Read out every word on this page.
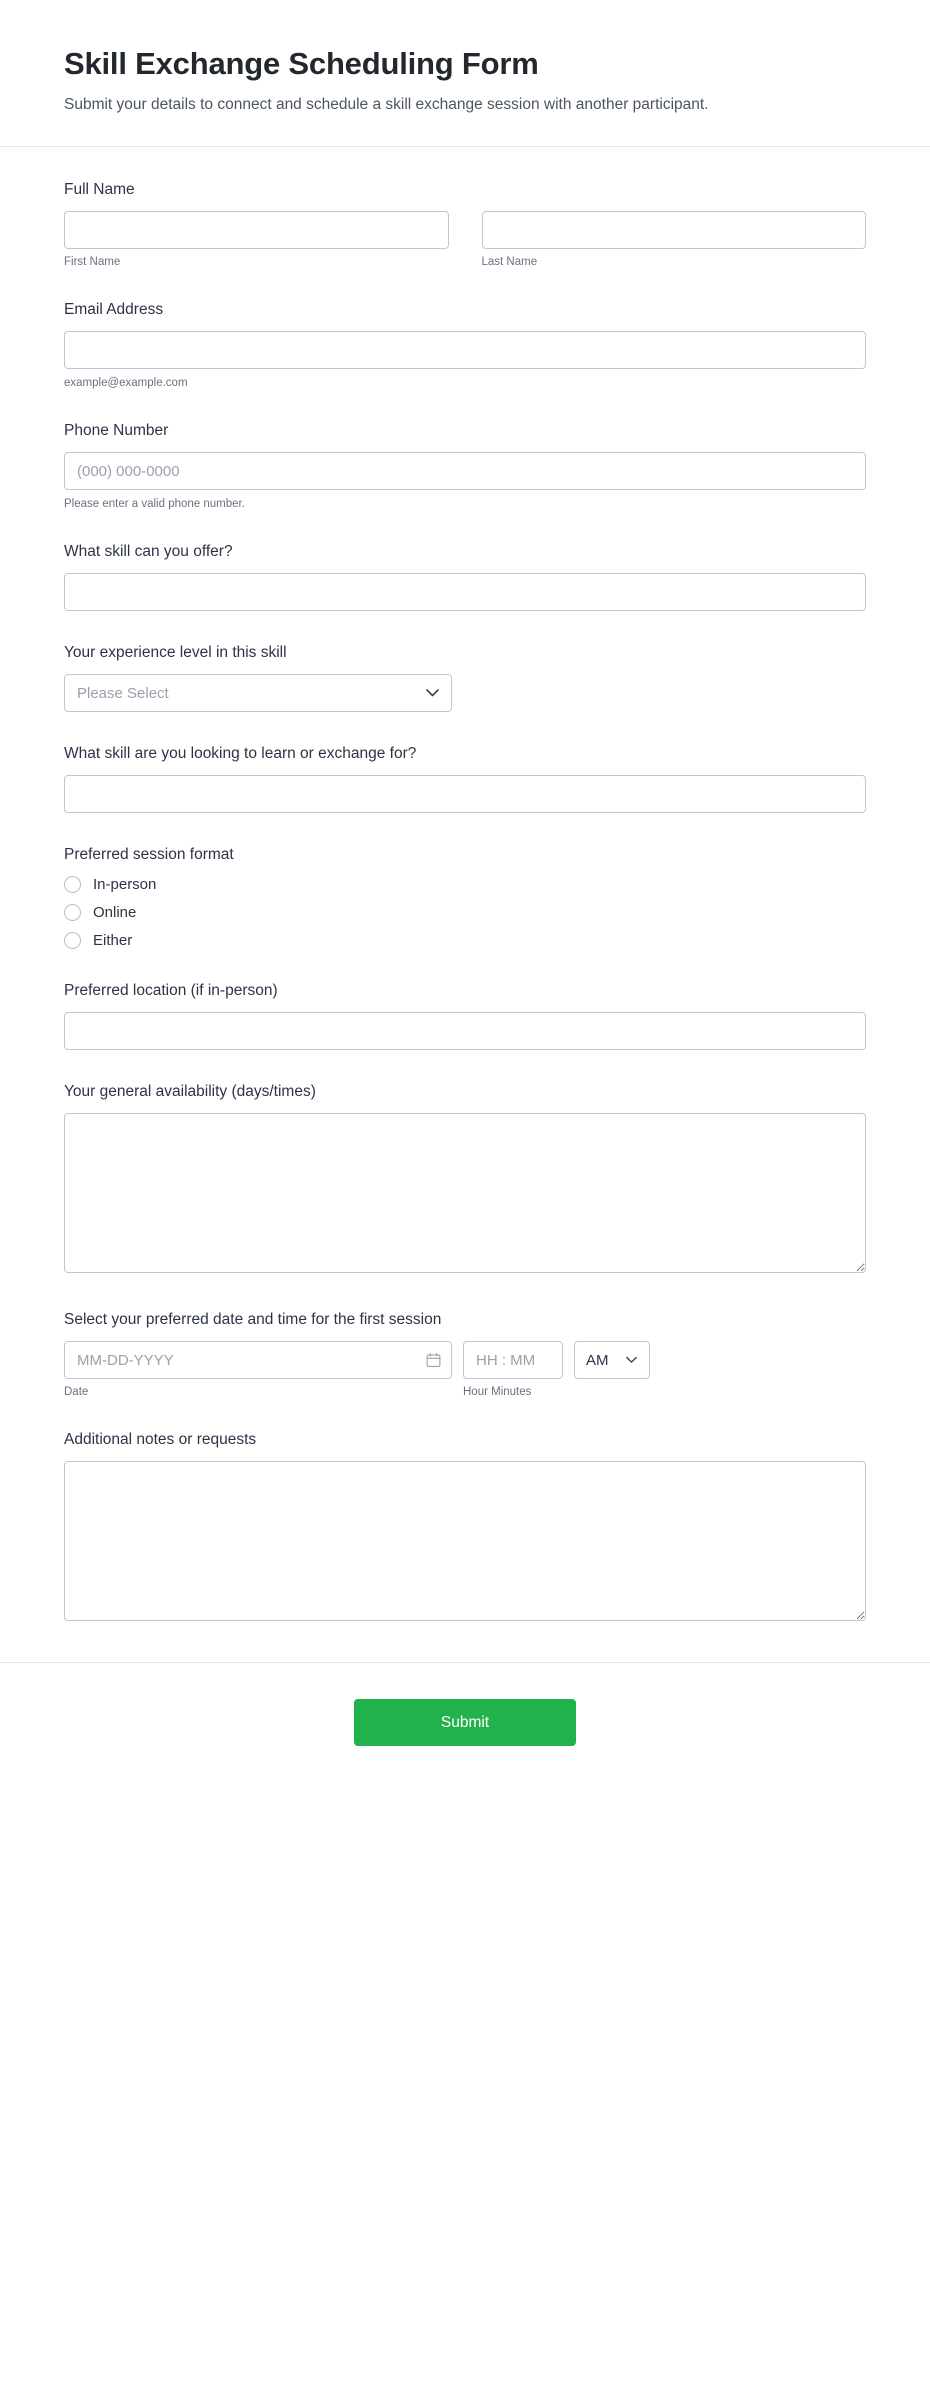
Skill Exchange Scheduling Form

Submit your details to connect and schedule a skill exchange session with another participant.

Full Name
First Name	Last Name
Email Address
example@example.com
Phone Number
(000) 000-0000
Please enter a valid phone number.
What skill can you offer?
Your experience level in this skill
Please Select
What skill are you looking to learn or exchange for?
Preferred session format
In-person
Online
Either
Preferred location (if in-person)
Your general availability (days/times)
Select your preferred date and time for the first session
MM-DD-YYYY
HH : MM
AM
Date	Hour Minutes
Additional notes or requests
Submit
